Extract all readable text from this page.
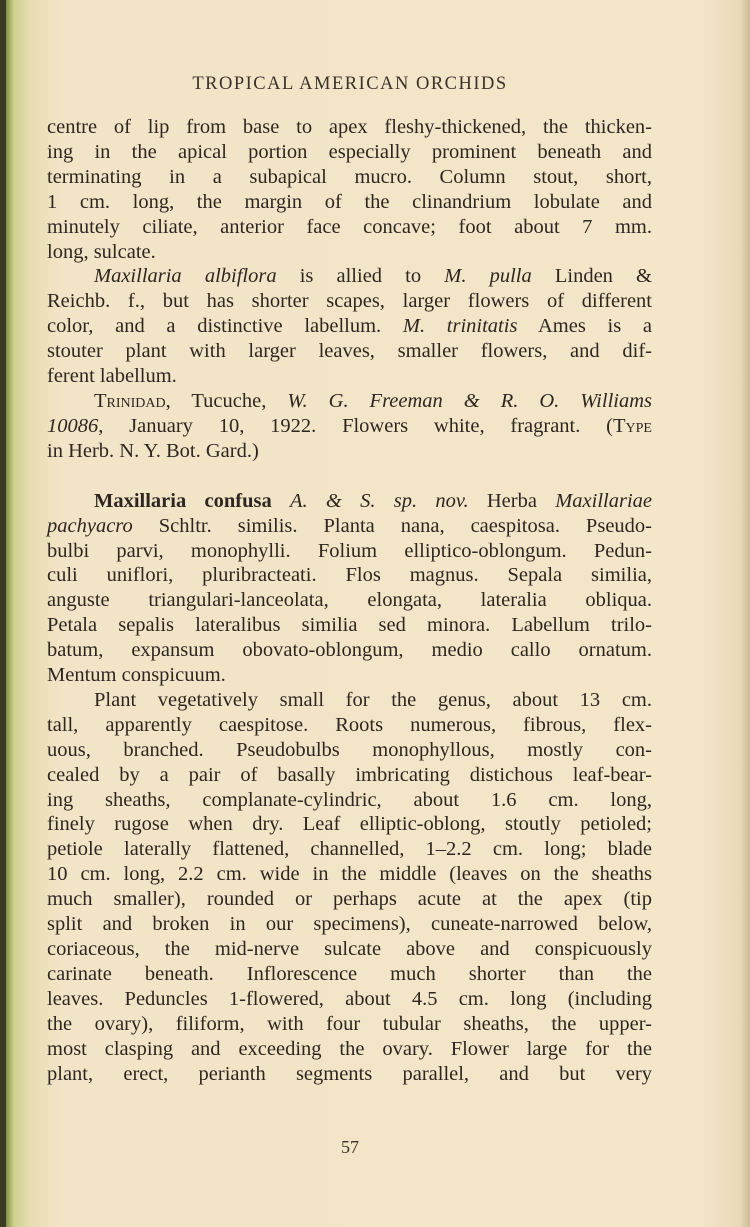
TROPICAL AMERICAN ORCHIDS

centre of lip from base to apex fleshy-thickened, the thicken-

ing in the apical portion especially prominent beneath and

terminating in a subapical mucro. Column stout, short,

1 cm. long, the margin of the clinandrium lobulate and

minutely ciliate, anterior face concave; foot about 7 mm.

long, sulcate.

Maxillaria albiflora is allied to M. pulla Linden &

Reichb. f., but has shorter scapes, larger flowers of different

color, and a distinctive labellum. M. trinitatis Ames is a

stouter plant with larger leaves, smaller flowers, and dif-

ferent labellum.

Trinidad, Tucuche, W. G. Freeman & R. O. Williams

10086, January 10, 1922. Flowers white, fragrant. (Type

in Herb. N. Y. Bot. Gard.)

Maxillaria confusa A. & S. sp. nov. Herba Maxillariae

pachyacro Schltr. similis. Planta nana, caespitosa. Pseudo-

bulbi parvi, monophylli. Folium elliptico-oblongum. Pedun-

culi uniflori, pluribracteati. Flos magnus. Sepala similia,

anguste triangulari-lanceolata, elongata, lateralia obliqua.

Petala sepalis lateralibus similia sed minora. Labellum trilo-

batum, expansum obovato-oblongum, medio callo ornatum.

Mentum conspicuum.

Plant vegetatively small for the genus, about 13 cm.

tall, apparently caespitose. Roots numerous, fibrous, flex-

uous, branched. Pseudobulbs monophyllous, mostly con-

cealed by a pair of basally imbricating distichous leaf-bear-

ing sheaths, complanate-cylindric, about 1.6 cm. long,

finely rugose when dry. Leaf elliptic-oblong, stoutly petioled;

petiole laterally flattened, channelled, 1–2.2 cm. long; blade

10 cm. long, 2.2 cm. wide in the middle (leaves on the sheaths

much smaller), rounded or perhaps acute at the apex (tip

split and broken in our specimens), cuneate-narrowed below,

coriaceous, the mid-nerve sulcate above and conspicuously

carinate beneath. Inflorescence much shorter than the

leaves. Peduncles 1-flowered, about 4.5 cm. long (including

the ovary), filiform, with four tubular sheaths, the upper-

most clasping and exceeding the ovary. Flower large for the

plant, erect, perianth segments parallel, and but very

57
